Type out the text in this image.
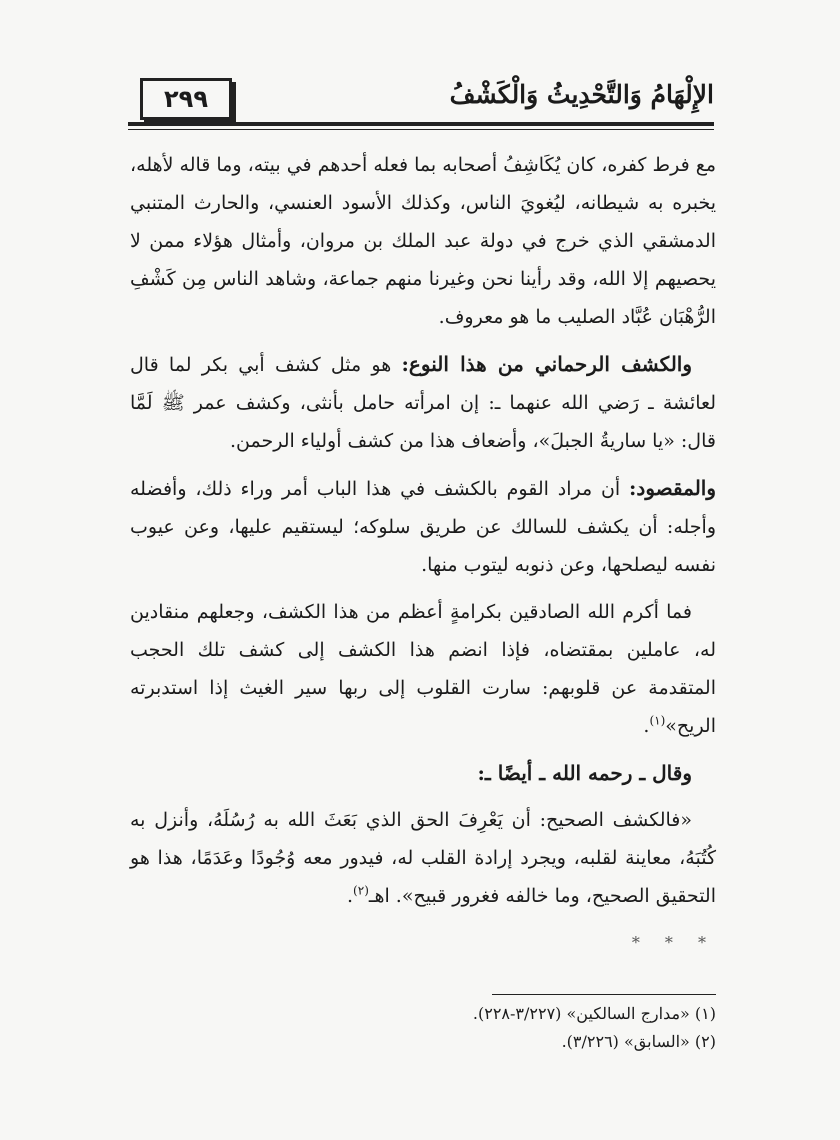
٢٩٩	الإِلْهَامُ وَالتَّحْدِيثُ وَالْكَشْفُ

مع فرط كفره، كان يُكَاشِفُ أصحابه بما فعله أحدهم في بيته، وما قاله لأهله، يخبره به شيطانه، ليُغويَ الناس، وكذلك الأسود العنسي، والحارث المتنبي الدمشقي الذي خرج في دولة عبد الملك بن مروان، وأمثال هؤلاء ممن لا يحصيهم إلا الله، وقد رأينا نحن وغيرنا منهم جماعة، وشاهد الناس مِن كَشْفِ الرُّهْبَان عُبَّاد الصليب ما هو معروف.

والكشف الرحماني من هذا النوع: هو مثل كشف أبي بكر لما قال لعائشة ـ رَضي الله عنهما ـ: إن امرأته حامل بأنثى، وكشف عمر ﷺ لَمَّا قال: «يا ساريةُ الجبلَ»، وأضعاف هذا من كشف أولياء الرحمن.

والمقصود: أن مراد القوم بالكشف في هذا الباب أمر وراء ذلك، وأفضله وأجله: أن يكشف للسالك عن طريق سلوكه؛ ليستقيم عليها، وعن عيوب نفسه ليصلحها، وعن ذنوبه ليتوب منها.

فما أكرم الله الصادقين بكرامةٍ أعظم من هذا الكشف، وجعلهم منقادين له، عاملين بمقتضاه، فإذا انضم هذا الكشف إلى كشف تلك الحجب المتقدمة عن قلوبهم: سارت القلوب إلى ربها سير الغيث إذا استدبرته الريح»$^{(١)}$.

وقال ـ رحمه الله ـ أيضًا ـ:

«فالكشف الصحيح: أن يَعْرِفَ الحق الذي بَعَثَ الله به رُسُلَهُ، وأنزل به كُتُبَهُ، معاينة لقلبه، ويجرد إرادة القلب له، فيدور معه وُجُودًا وعَدَمًا، هذا هو التحقيق الصحيح، وما خالفه فغرور قبيح». اهـ$^{(٢)}$.

* * *
(١) «مدارج السالكين» (٣/٢٢٧-٢٢٨).
(٢) «السابق» (٣/٢٢٦).
